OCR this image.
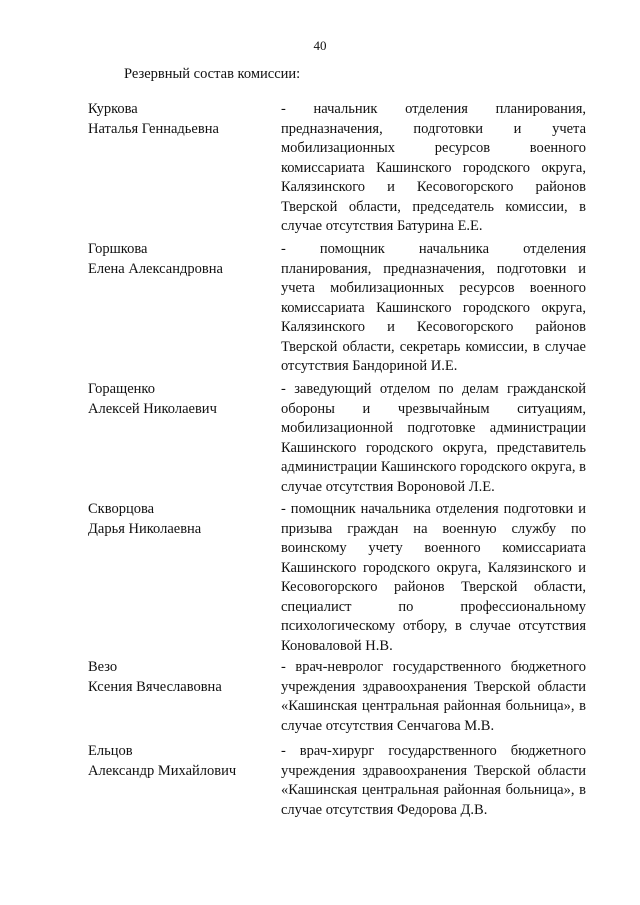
40
Резервный состав комиссии:
Куркова
Наталья Геннадьевна
- начальник отделения планирования, предназначения, подготовки и учета мобилизационных ресурсов военного комиссариата Кашинского городского округа, Калязинского и Кесовогорского районов Тверской области, председатель комиссии, в случае отсутствия Батурина Е.Е.
Горшкова
Елена Александровна
- помощник начальника отделения планирования, предназначения, подготовки и учета мобилизационных ресурсов военного комиссариата Кашинского городского округа, Калязинского и Кесовогорского районов Тверской области, секретарь комиссии, в случае отсутствия Бандориной И.Е.
Горащенко
Алексей Николаевич
- заведующий отделом по делам гражданской обороны и чрезвычайным ситуациям, мобилизационной подготовке администрации Кашинского городского округа, представитель администрации Кашинского городского округа, в случае отсутствия Вороновой Л.Е.
Скворцова
Дарья Николаевна
- помощник начальника отделения подготовки и призыва граждан на военную службу по воинскому учету военного комиссариата Кашинского городского округа, Калязинского и Кесовогорского районов Тверской области, специалист по профессиональному психологическому отбору, в случае отсутствия Коноваловой Н.В.
Везо
Ксения Вячеславовна
- врач-невролог государственного бюджетного учреждения здравоохранения Тверской области «Кашинская центральная районная больница», в случае отсутствия Сенчагова М.В.
Ельцов
Александр Михайлович
- врач-хирург государственного бюджетного учреждения здравоохранения Тверской области «Кашинская центральная районная больница», в случае отсутствия Федорова Д.В.
